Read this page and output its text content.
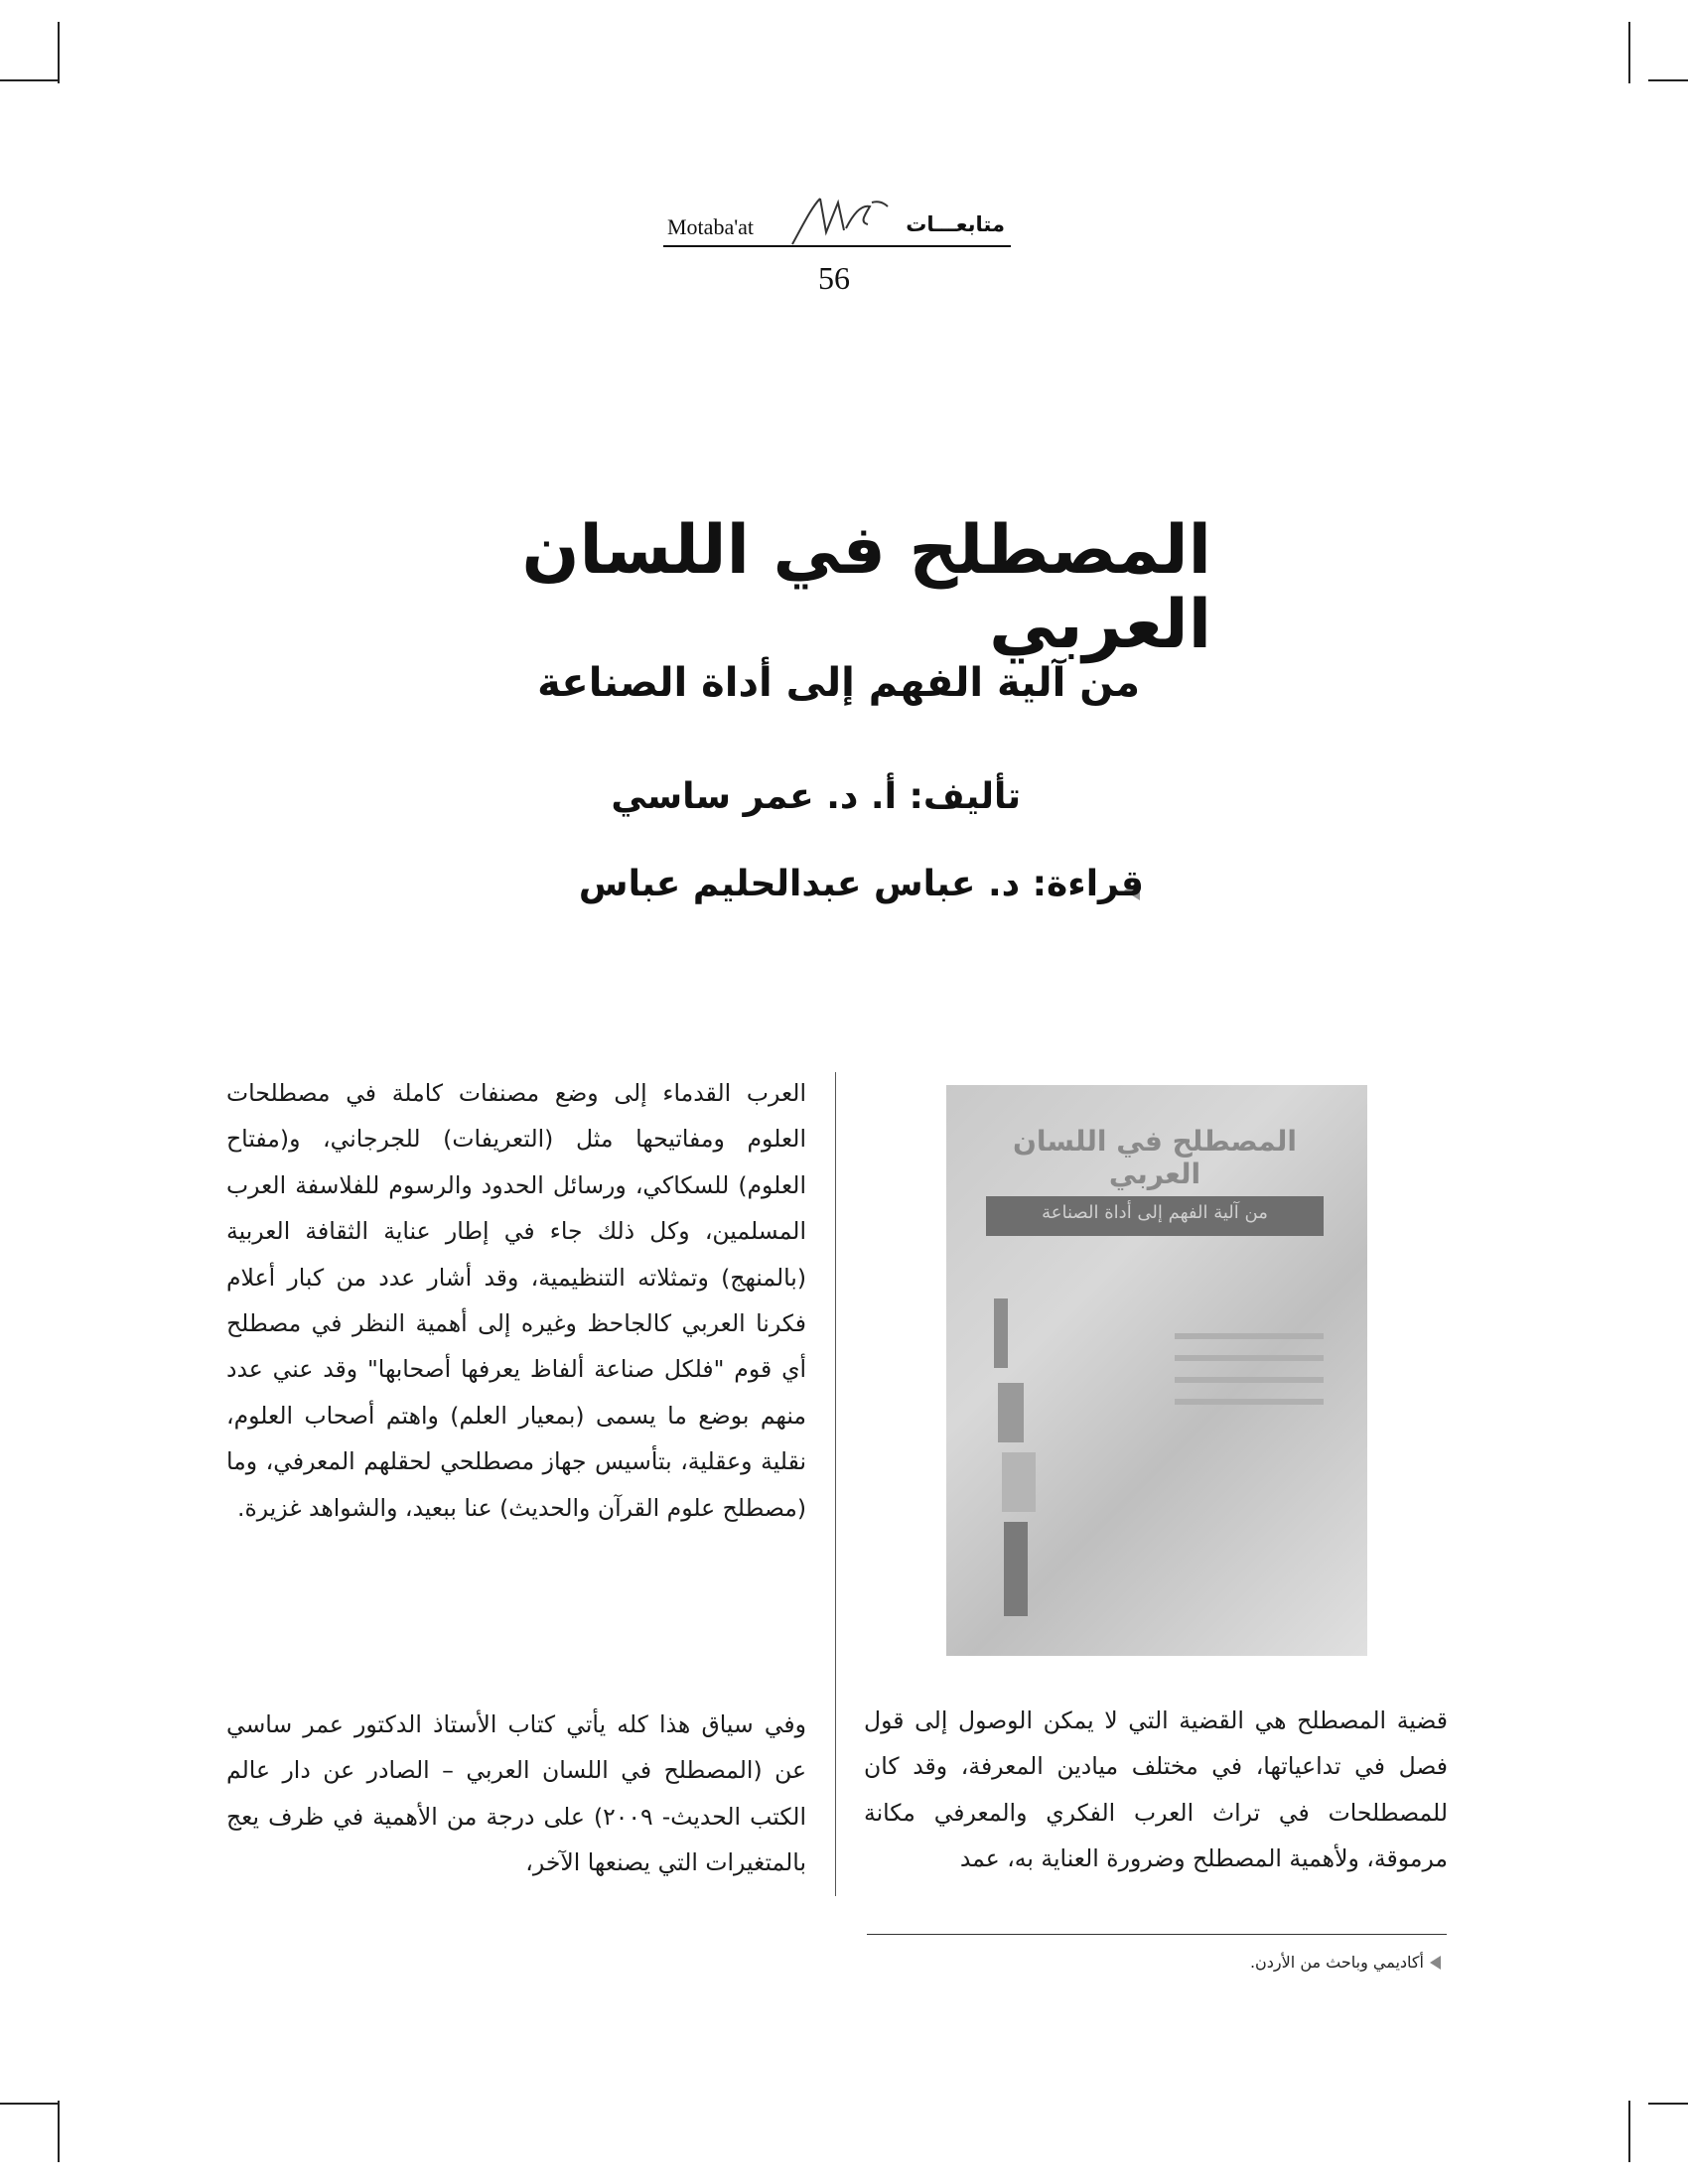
Motaba'at	متابعـــات
56
المصطلح في اللسان العربي
من آلية الفهم إلى أداة الصناعة
تأليف: أ. د. عمر ساسي
قراءة: د. عباس عبدالحليم عباس
المصطلح في اللسان العربي
من آلية الفهم إلى أداة الصناعة
قضية المصطلح هي القضية التي لا يمكن الوصول إلى قول فصل في تداعياتها، في مختلف ميادين المعرفة، وقد كان للمصطلحات في تراث العرب الفكري والمعرفي مكانة مرموقة، ولأهمية المصطلح وضرورة العناية به، عمد
العرب القدماء إلى وضع مصنفات كاملة في مصطلحات العلوم ومفاتيحها مثل (التعريفات) للجرجاني، و(مفتاح العلوم) للسكاكي، ورسائل الحدود والرسوم للفلاسفة العرب المسلمين، وكل ذلك جاء في إطار عناية الثقافة العربية (بالمنهج) وتمثلاته التنظيمية، وقد أشار عدد من كبار أعلام فكرنا العربي كالجاحظ وغيره إلى أهمية النظر في مصطلح أي قوم "فلكل صناعة ألفاظ يعرفها أصحابها" وقد عني عدد منهم بوضع ما يسمى (بمعيار العلم) واهتم أصحاب العلوم، نقلية وعقلية، بتأسيس جهاز مصطلحي لحقلهم المعرفي، وما (مصطلح علوم القرآن والحديث) عنا ببعيد، والشواهد غزيرة.
وفي سياق هذا كله يأتي كتاب الأستاذ الدكتور عمر ساسي عن (المصطلح في اللسان العربي – الصادر عن دار عالم الكتب الحديث- ٢٠٠٩) على درجة من الأهمية في ظرف يعج بالمتغيرات التي يصنعها الآخر،
أكاديمي وباحث من الأردن.
